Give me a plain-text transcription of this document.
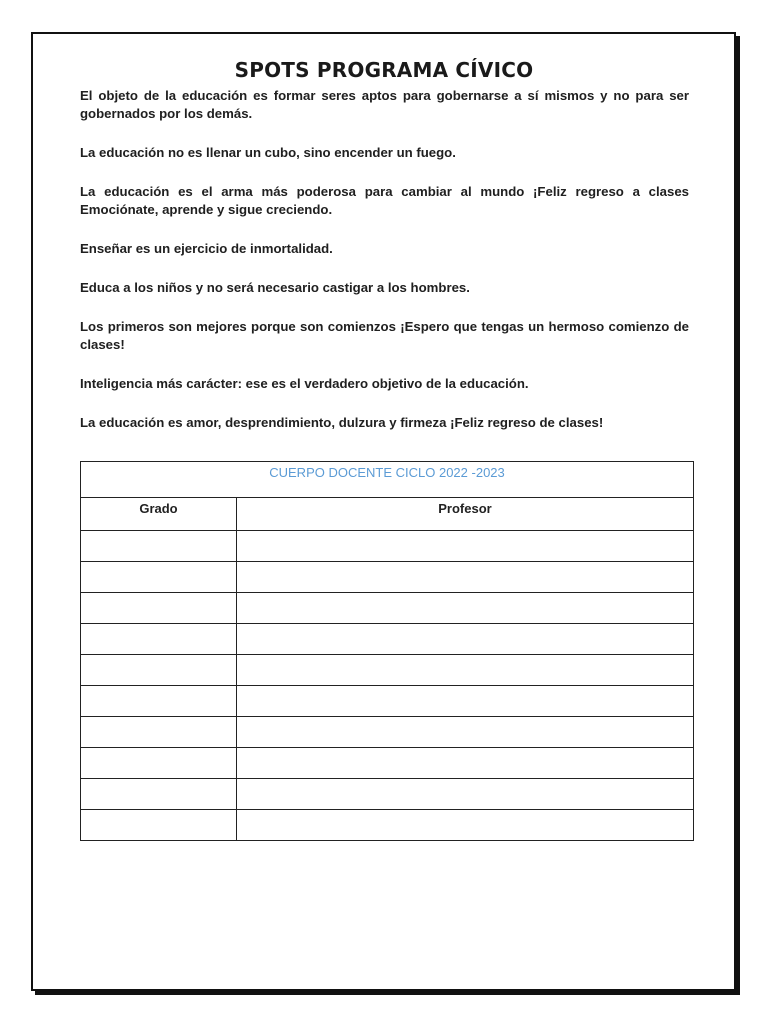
SPOTS PROGRAMA CÍVICO
El objeto de la educación es formar seres aptos para gobernarse a sí mismos y no para ser gobernados por los demás.
La educación no es llenar un cubo, sino encender un fuego.
La educación es el arma más poderosa para cambiar al mundo ¡Feliz regreso a clases Emociónate, aprende y sigue creciendo.
Enseñar es un ejercicio de inmortalidad.
Educa a los niños y no será necesario castigar a los hombres.
Los primeros son mejores porque son comienzos ¡Espero que tengas un hermoso comienzo de clases!
Inteligencia más carácter: ese es el verdadero objetivo de la educación.
La educación es amor, desprendimiento, dulzura y firmeza ¡Feliz regreso de clases!
CUERPO DOCENTE CICLO 2022 -2023	
Grado	Profesor
